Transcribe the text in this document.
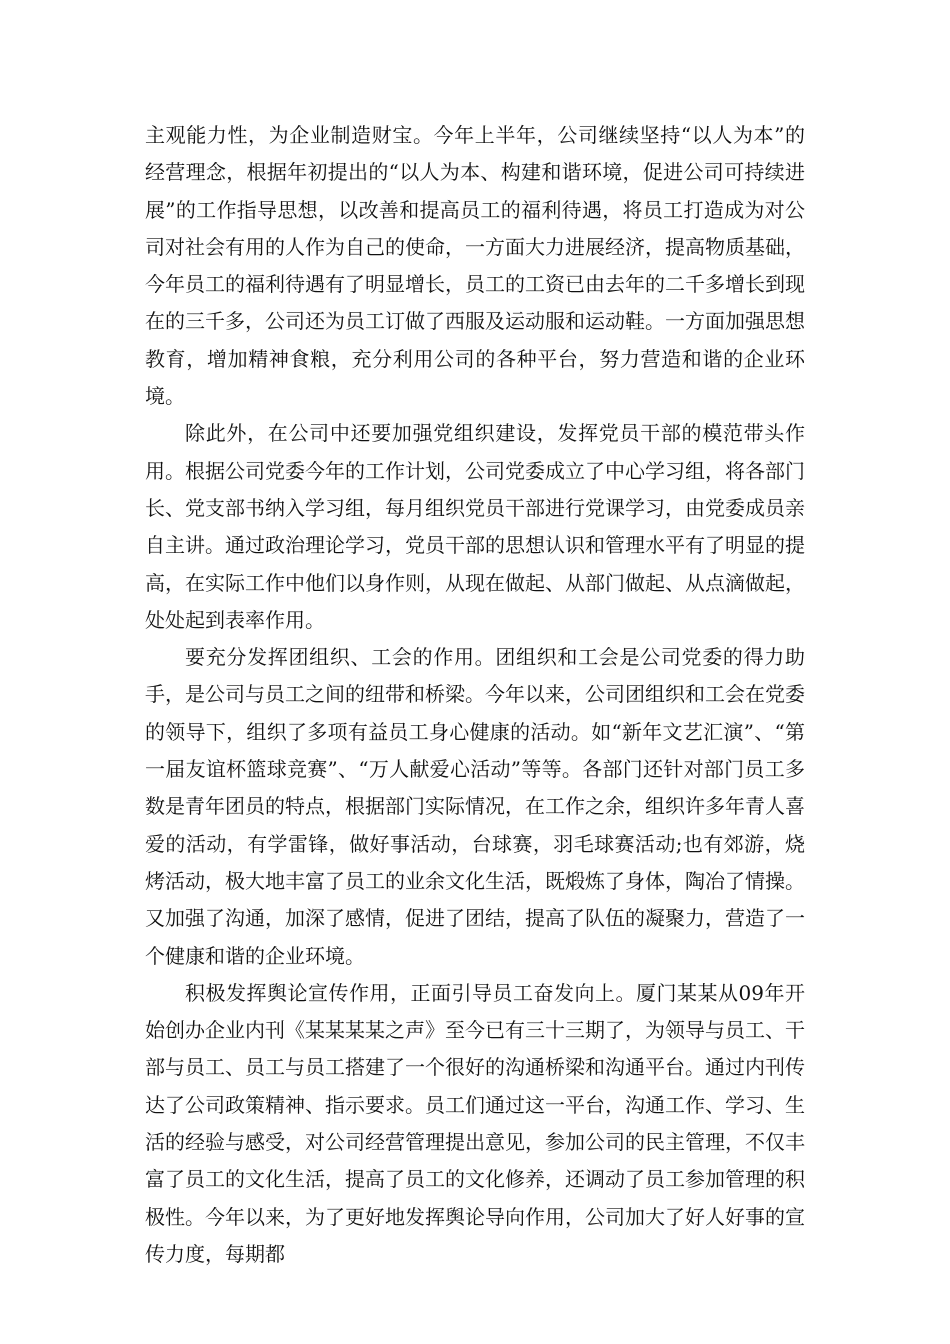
主观能力性，为企业制造财宝。今年上半年，公司继续坚持“以人为本”的经营理念，根据年初提出的“以人为本、构建和谐环境，促进公司可持续进展”的工作指导思想，以改善和提高员工的福利待遇，将员工打造成为对公司对社会有用的人作为自己的使命，一方面大力进展经济，提高物质基础，今年员工的福利待遇有了明显增长，员工的工资已由去年的二千多增长到现在的三千多，公司还为员工订做了西服及运动服和运动鞋。一方面加强思想教育，增加精神食粮，充分利用公司的各种平台，努力营造和谐的企业环境。

除此外，在公司中还要加强党组织建设，发挥党员干部的模范带头作用。根据公司党委今年的工作计划，公司党委成立了中心学习组，将各部门长、党支部书纳入学习组，每月组织党员干部进行党课学习，由党委成员亲自主讲。通过政治理论学习，党员干部的思想认识和管理水平有了明显的提高，在实际工作中他们以身作则，从现在做起、从部门做起、从点滴做起，处处起到表率作用。

要充分发挥团组织、工会的作用。团组织和工会是公司党委的得力助手，是公司与员工之间的纽带和桥梁。今年以来，公司团组织和工会在党委的领导下，组织了多项有益员工身心健康的活动。如“新年文艺汇演”、“第一届友谊杯篮球竞赛”、“万人献爱心活动”等等。各部门还针对部门员工多数是青年团员的特点，根据部门实际情况，在工作之余，组织许多年青人喜爱的活动，有学雷锋，做好事活动，台球赛，羽毛球赛活动;也有郊游，烧烤活动，极大地丰富了员工的业余文化生活，既煅炼了身体，陶冶了情操。又加强了沟通，加深了感情，促进了团结，提高了队伍的凝聚力，营造了一个健康和谐的企业环境。

积极发挥舆论宣传作用，正面引导员工奋发向上。厦门某某从09年开始创办企业内刊《某某某某之声》至今已有三十三期了，为领导与员工、干部与员工、员工与员工搭建了一个很好的沟通桥梁和沟通平台。通过内刊传达了公司政策精神、指示要求。员工们通过这一平台，沟通工作、学习、生活的经验与感受，对公司经营管理提出意见，参加公司的民主管理，不仅丰富了员工的文化生活，提高了员工的文化修养，还调动了员工参加管理的积极性。今年以来，为了更好地发挥舆论导向作用，公司加大了好人好事的宣传力度，每期都
